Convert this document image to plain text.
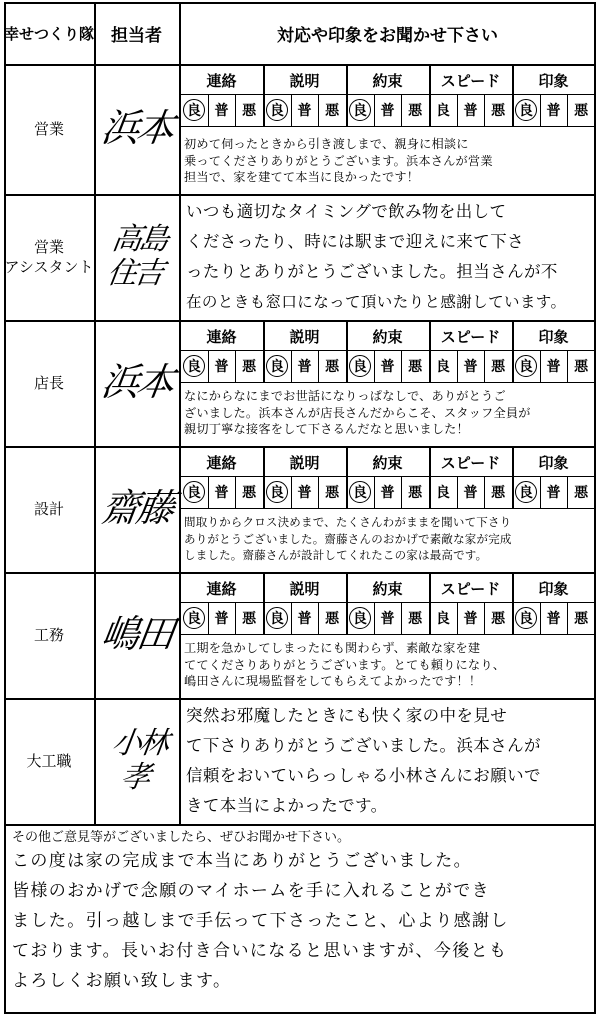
幸せつくり隊 担当者	対応や印象をお聞かせ下さい
連絡
良 普 悪
説明
良 普 悪
約束
良 普 悪
スピード
良 普 悪
印象
良 普 悪
連絡
良 普 悪
説明
良 普 悪
約束
良 普 悪
スピード
良 普 悪
印象
良 普 悪
連絡
良 普 悪
説明
良 普 悪
約束
良 普 悪
スピード
良 普 悪
印象
良 普 悪
連絡
良 普 悪
説明
良 普 悪
約束
良 普 悪
スピード
良 普 悪
印象
良 普 悪
営業
営業
アシスタント
店長
設計
工務
大工職
浜本
高島
住吉
浜本
齋藤
嶋田
小林
孝
初めて伺ったときから引き渡しまで、親身に相談に
乗ってくださりありがとうございます。浜本さんが営業
担当で、家を建てて本当に良かったです！
いつも適切なタイミングで飲み物を出して
くださったり、時には駅まで迎えに来て下さ
ったりとありがとうございました。担当さんが不
在のときも窓口になって頂いたりと感謝しています。
なにからなにまでお世話になりっぱなしで、ありがとうご
ざいました。浜本さんが店長さんだからこそ、スタッフ全員が
親切丁寧な接客をして下さるんだなと思いました！
間取りからクロス決めまで、たくさんわがままを聞いて下さり
ありがとうございました。齋藤さんのおかげで素敵な家が完成
しました。齋藤さんが設計してくれたこの家は最高です。
工期を急かしてしまったにも関わらず、素敵な家を建
ててくださりありがとうございます。とても頼りになり、
嶋田さんに現場監督をしてもらえてよかったです！！
突然お邪魔したときにも快く家の中を見せ
て下さりありがとうございました。浜本さんが
信頼をおいていらっしゃる小林さんにお願いで
きて本当によかったです。
その他ご意見等がございましたら、ぜひお聞かせ下さい。
この度は家の完成まで本当にありがとうございました。
皆様のおかげで念願のマイホームを手に入れることができ
ました。引っ越しまで手伝って下さったこと、心より感謝し
ております。長いお付き合いになると思いますが、今後とも
よろしくお願い致します。
